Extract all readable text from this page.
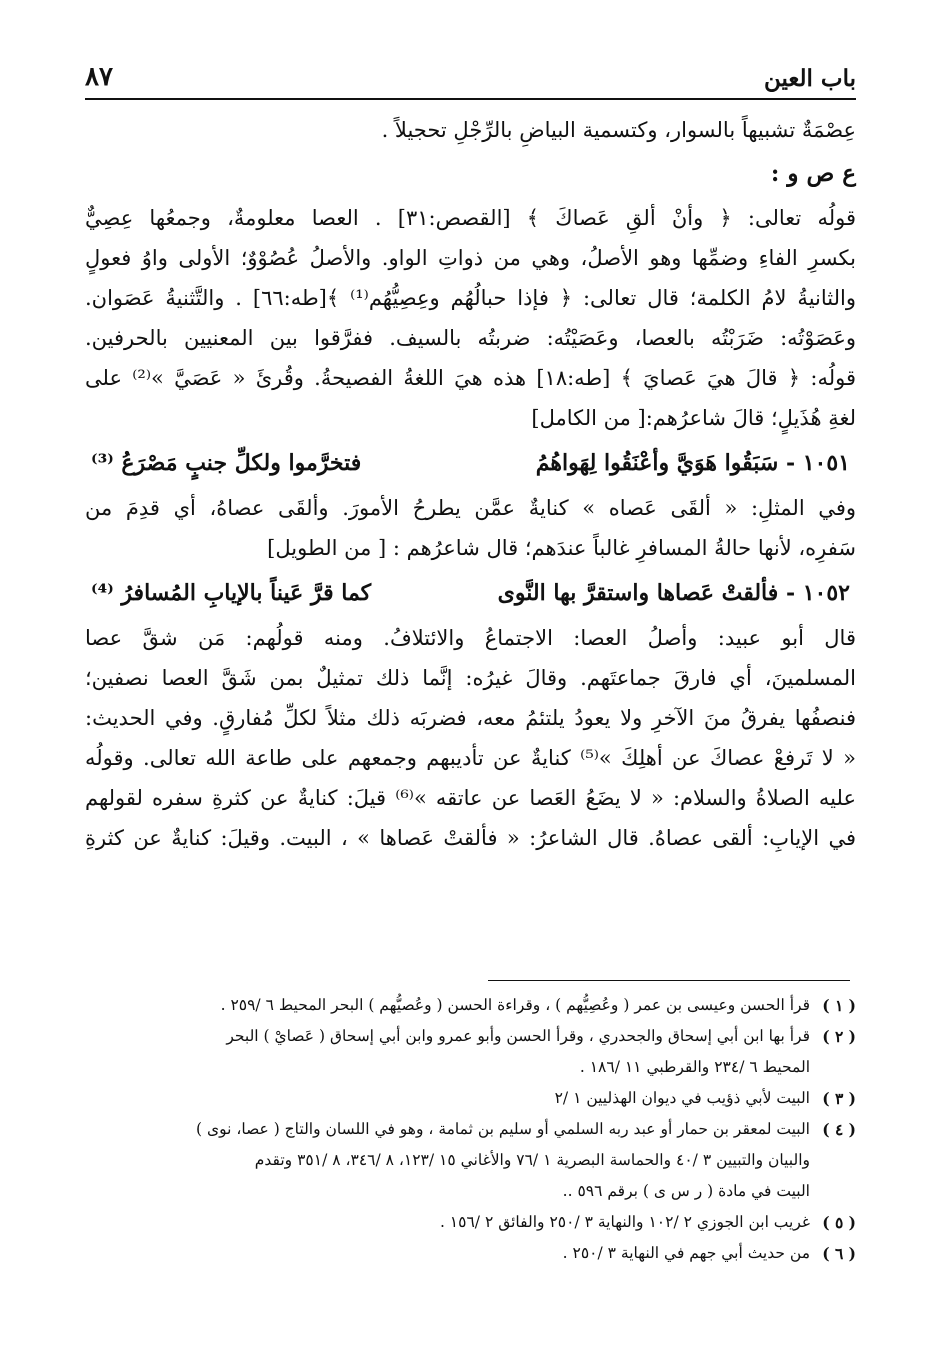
باب العين
٨٧
عِصْمَةٌ تشبيهاً بالسوار، وكتسمية البياضِ بالرِّجْلِ تحجيلاً .
ع ص و :
قولُه تعالى: ﴿ وأنْ ألقِ عَصاكَ ﴾ [القصص:٣١] . العصا معلومةٌ، وجمعُها عِصِيٌّ
بكسرِ الفاءِ وضمِّها وهو الأصلُ، وهي من ذواتِ الواو. والأصلُ عُصُوْوٌ؛ الأولى واوُ فعولٍ
والثانيةُ لامُ الكلمة؛ قال تعالى: ﴿ فإذا حبالُهُم وعِصِيُّهُم⁽¹⁾ ﴾[طه:٦٦] . والتَّثنيةُ عَصَوان.
وعَصَوْتُه: ضَرَبْتُه بالعصا، وعَصَيْتُه: ضربتُه بالسيف. ففرَّقوا بين المعنيين بالحرفين.
قولُه: ﴿ قالَ هيَ عَصايَ ﴾ [طه:١٨] هذه هيَ اللغةُ الفصيحةُ. وقُرئَ « عَصَيَّ »⁽²⁾ على
لغةِ هُذَيلٍ؛ قالَ شاعرُهم:[ من الكامل]
١٠٥١ - سَبَقُوا هَوَيَّ وأعْنَقُوا لِهَواهُمُ
فتخرَّموا ولكلِّ جنبٍ مَصْرَعُ ⁽³⁾
وفي المثلِ: « ألقَى عَصاه » كنايةٌ عمَّن يطرحُ الأمورَ. وألقَى عصاهُ، أي قدِمَ من
سَفرِه، لأنها حالةُ المسافرِ غالباً عندَهم؛ قال شاعرُهم : [ من الطويل]
١٠٥٢ - فألقتْ عَصاها واستقرَّ بها النَّوى
كما قرَّ عَيناً بالإيابِ المُسافرُ ⁽⁴⁾
قال أبو عبيد: وأصلُ العصا: الاجتماعُ والائتلافُ. ومنه قولُهم: مَن شقَّ عصا
المسلمينَ، أي فارقَ جماعتَهم. وقالَ غيرُه: إنَّما ذلك تمثيلٌ بمن شَقَّ العصا نصفين؛
فنصفُها يفرقُ منَ الآخرِ ولا يعودُ يلتئمُ معه، فضربَه ذلك مثلاً لكلِّ مُفارقٍ. وفي الحديث:
« لا تَرفعْ عصاكَ عن أهلِكَ »⁽⁵⁾ كنايةٌ عن تأديبهم وجمعهم على طاعة الله تعالى. وقولُه
عليه الصلاةُ والسلام: « لا يضَعُ العَصا عن عاتقه »⁽⁶⁾ قيلَ: كنايةٌ عن كثرةِ سفره لقولهم
في الإيابِ: ألقى عصاهُ. قال الشاعرُ: « فألقتْ عَصاها » ، البيت. وقيلَ: كنايةٌ عن كثرةِ
( ١ )
قرأ الحسن وعيسى بن عمر ( وعُصِيُّهم ) ، وقراءة الحسن ( وعُصيُّهم ) البحر المحيط ٦ /٢٥٩ .
( ٢ )
قرأ بها ابن أبي إسحاق والجحدري ، وقرأ الحسن وأبو عمرو وابن أبي إسحاق ( عَصايْ ) البحر
المحيط ٦ /٢٣٤ والقرطبي ١١ /١٨٦ .
( ٣ )
البيت لأبي ذؤيب في ديوان الهذليين ١ /٢
( ٤ )
البيت لمعقر بن حمار أو عبد ربه السلمي أو سليم بن ثمامة ، وهو في اللسان والتاج ( عصا، نوى )
والبيان والتبيين ٣ /٤٠ والحماسة البصرية ١ /٧٦ والأغاني ١٥ /١٢٣، ٨ /٣٤٦، ٨ /٣٥١ وتقدم
البيت في مادة ( ر س ى ) برقم ٥٩٦ ..
( ٥ )
غريب ابن الجوزي ٢ /١٠٢ والنهاية ٣ /٢٥٠ والفائق ٢ /١٥٦ .
( ٦ )
من حديث أبي جهم في النهاية ٣ /٢٥٠ .
